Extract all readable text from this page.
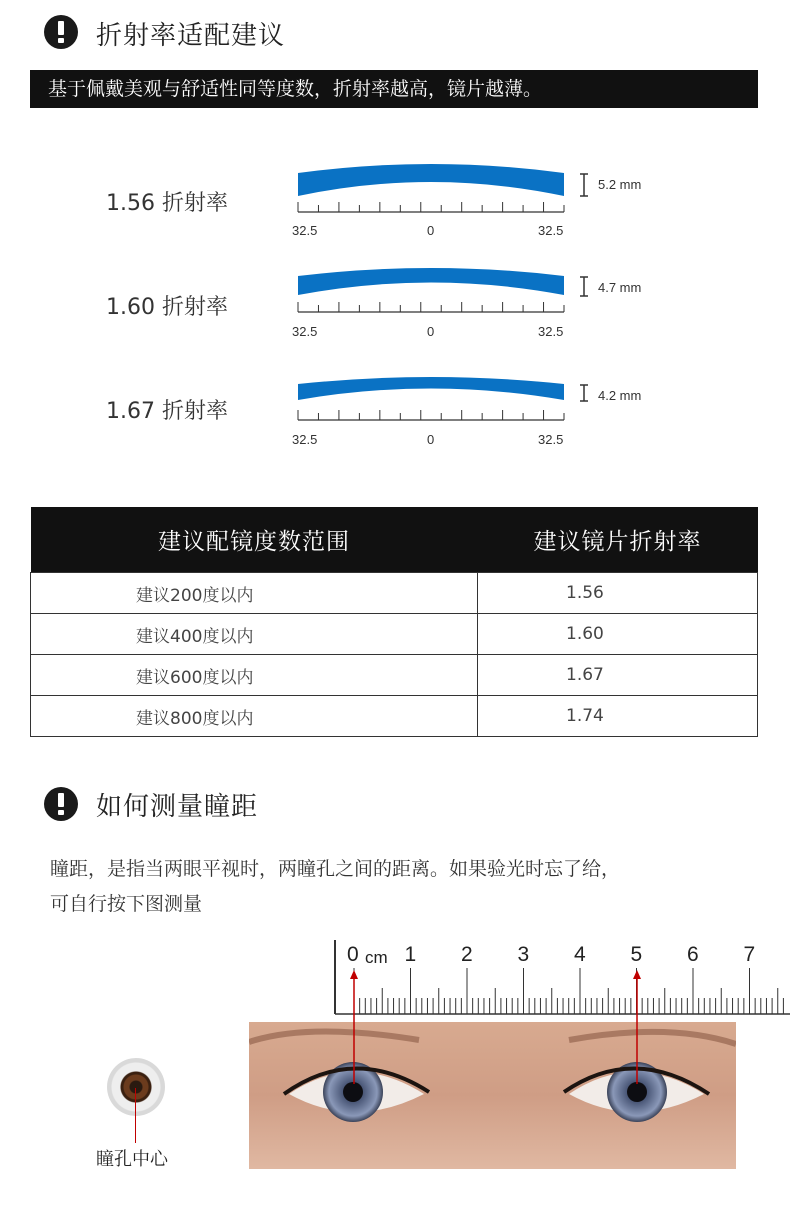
折射率适配建议
基于佩戴美观与舒适性同等度数，折射率越高，镜片越薄。
1.56 折射率
5.2 mm
32.5	0	32.5
1.60 折射率
4.7 mm
32.5	0	32.5
1.67 折射率
4.2 mm
32.5	0	32.5
建议配镜度数范围	建议镜片折射率
建议200度以内	1.56
建议400度以内	1.60
建议600度以内	1.67
建议800度以内	1.74
如何测量瞳距
瞳距，是指当两眼平视时，两瞳孔之间的距离。如果验光时忘了给，
可自行按下图测量
0 cm 1 2 3 4 5 6 7
瞳孔中心
